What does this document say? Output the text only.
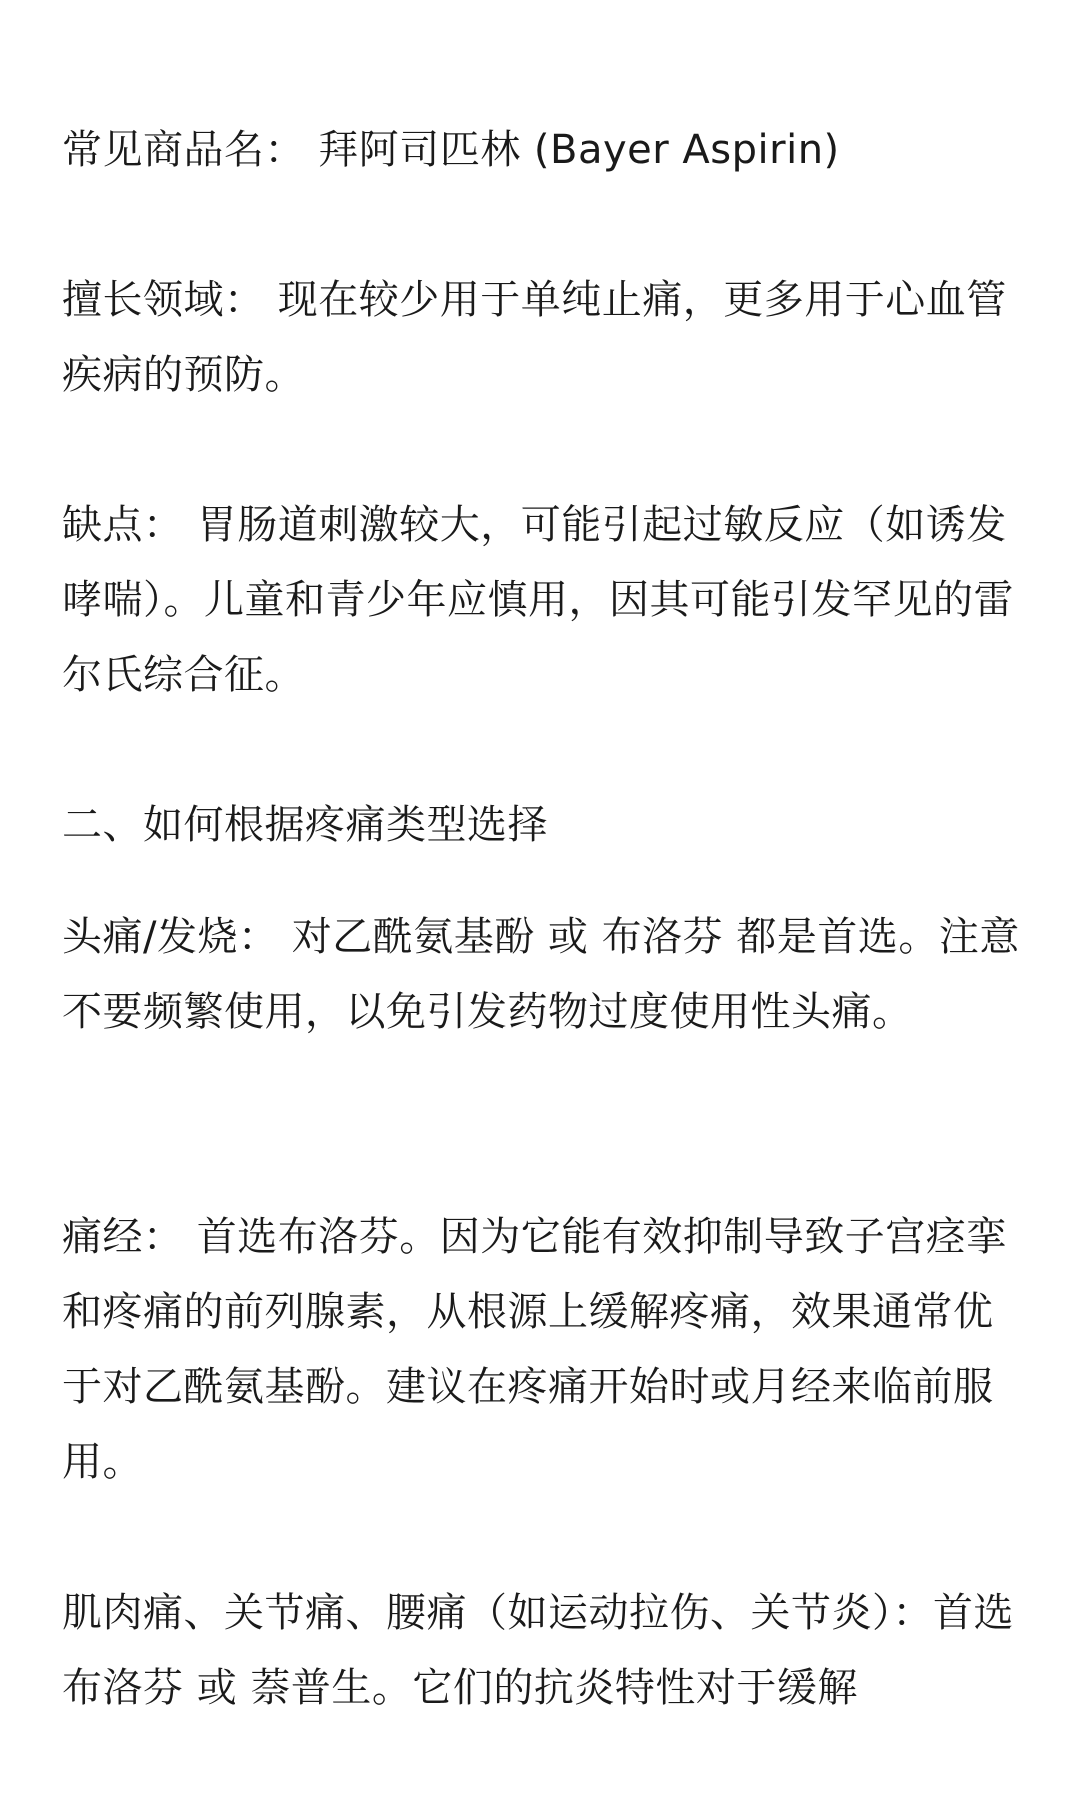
常见商品名： 拜阿司匹林 (Bayer Aspirin)

擅长领域： 现在较少用于单纯止痛，更多用于心血管疾病的预防。

缺点： 胃肠道刺激较大，可能引起过敏反应（如诱发哮喘）。儿童和青少年应慎用，因其可能引发罕见的雷尔氏综合征。

二、如何根据疼痛类型选择

头痛/发烧： 对乙酰氨基酚 或 布洛芬 都是首选。注意不要频繁使用，以免引发药物过度使用性头痛。

痛经： 首选布洛芬。因为它能有效抑制导致子宫痉挛和疼痛的前列腺素，从根源上缓解疼痛，效果通常优于对乙酰氨基酚。建议在疼痛开始时或月经来临前服用。

肌肉痛、关节痛、腰痛（如运动拉伤、关节炎）：首选布洛芬 或 萘普生。它们的抗炎特性对于缓解
